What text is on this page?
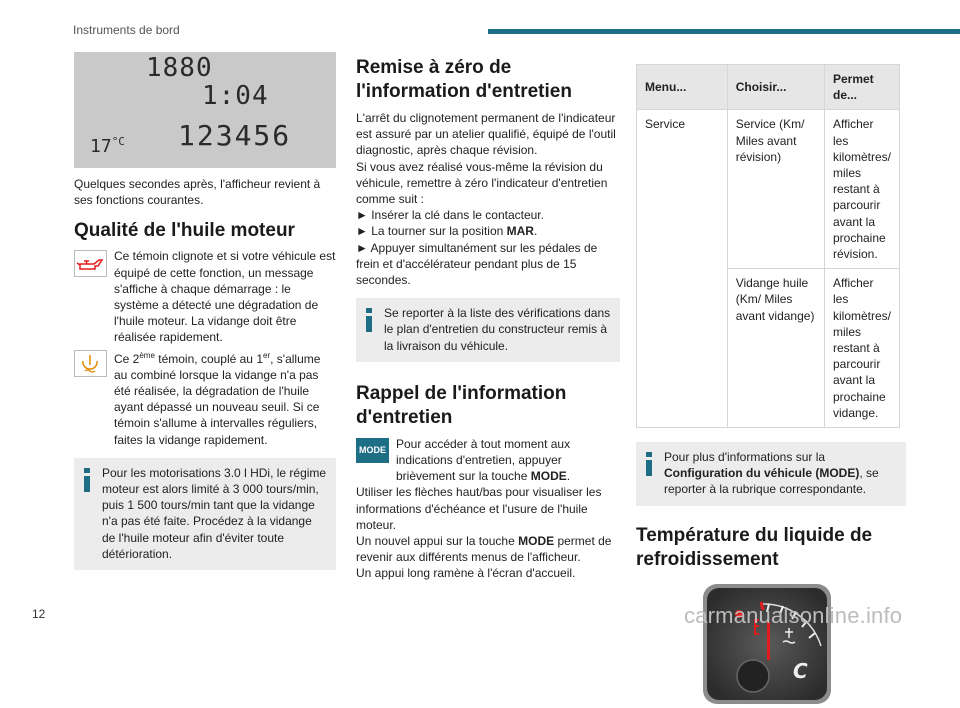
Instruments de bord
1880
1:04
$17^{^\circ C}$ 123456

Quelques secondes après, l'afficheur revient à ses fonctions courantes.

Qualité de l'huile moteur
Ce témoin clignote et si votre véhicule est équipé de cette fonction, un message s'affiche à chaque démarrage : le système a détecté une dégradation de l'huile moteur. La vidange doit être réalisée rapidement.
Ce 2ème témoin, couplé au 1er, s'allume au combiné lorsque la vidange n'a pas été réalisée, la dégradation de l'huile ayant dépassé un nouveau seuil. Si ce témoin s'allume à intervalles réguliers, faites la vidange rapidement.
Pour les motorisations 3.0 l HDi, le régime moteur est alors limité à 3 000 tours/min, puis 1 500 tours/min tant que la vidange n'a pas été faite. Procédez à la vidange de l'huile moteur afin d'éviter toute détérioration.
Remise à zéro de l'information d'entretien

L'arrêt du clignotement permanent de l'indicateur est assuré par un atelier qualifié, équipé de l'outil diagnostic, après chaque révision.

Si vous avez réalisé vous-même la révision du véhicule, remettre à zéro l'indicateur d'entretien comme suit :

► Insérer la clé dans le contacteur.

► La tourner sur la position MAR.

► Appuyer simultanément sur les pédales de frein et d'accélérateur pendant plus de 15 secondes.

Se reporter à la liste des vérifications dans le plan d'entretien du constructeur remis à la livraison du véhicule.
Rappel de l'information d'entretien
MODE Pour accéder à tout moment aux indications d'entretien, appuyer brièvement sur la touche MODE.

Utiliser les flèches haut/bas pour visualiser les informations d'échéance et l'usure de l'huile moteur.

Un nouvel appui sur la touche MODE permet de revenir aux différents menus de l'afficheur.

Un appui long ramène à l'écran d'accueil.

Menu...	Choisir...	Permet de...
Service	Service (Km/ Miles avant révision)	Afficher les kilomètres/ miles restant à parcourir avant la prochaine révision.
	Vidange huile (Km/ Miles avant vidange)	Afficher les kilomètres/ miles restant à parcourir avant la prochaine vidange.
Pour plus d'informations sur la Configuration du véhicule (MODE), se reporter à la rubrique correspondante.
Température du liquide de refroidissement
C
12	carmanualsonline.info
